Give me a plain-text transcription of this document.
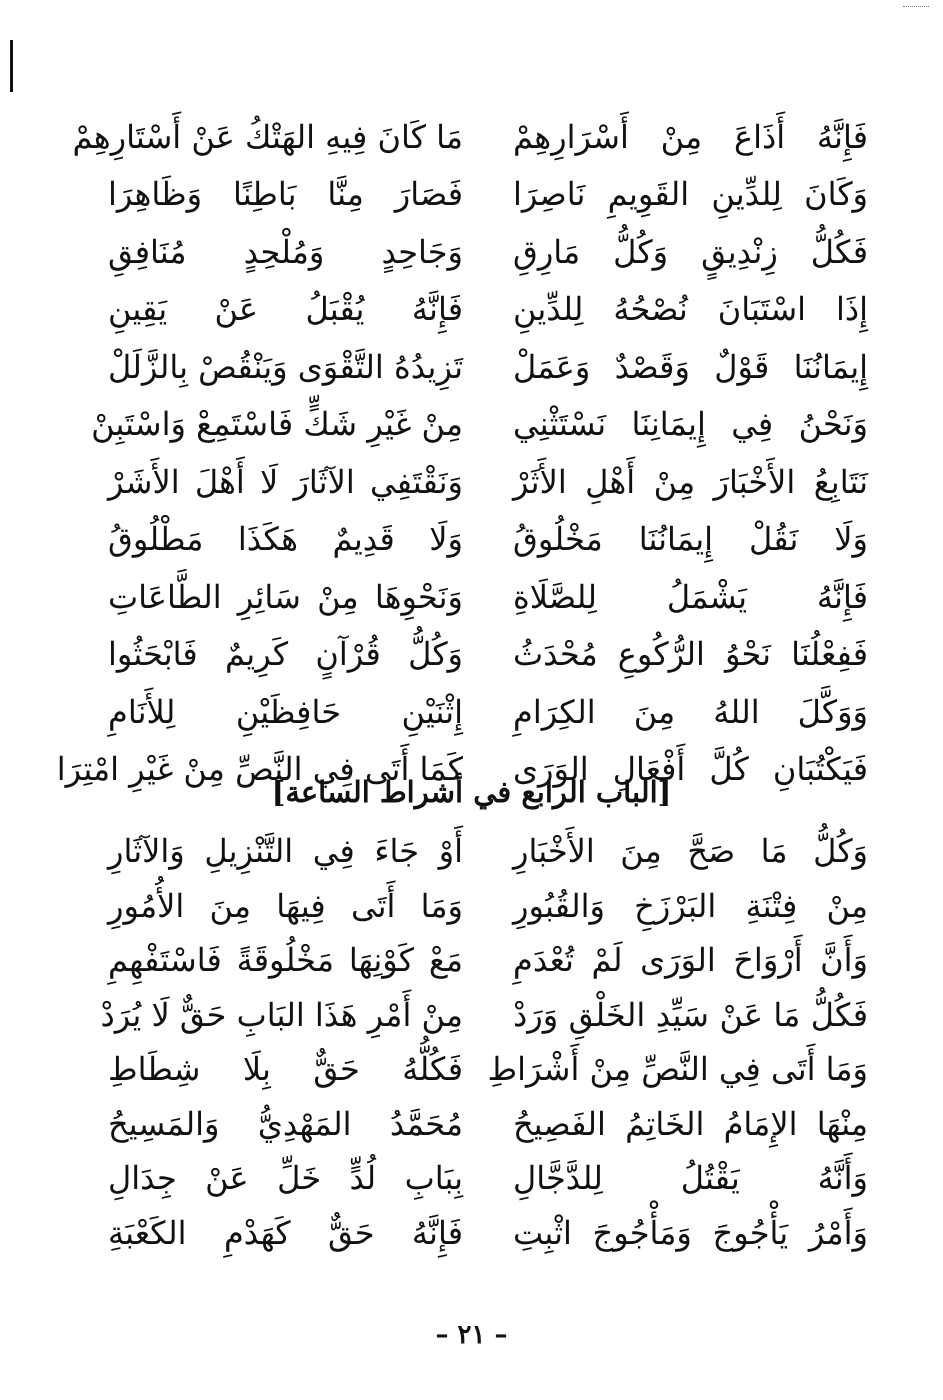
فَإِنَّهُ أَذَاعَ مِنْ أَسْرَارِهِمْ
مَا كَانَ فِيهِ الهَتْكُ عَنْ أَسْتَارِهِمْ
وَكَانَ لِلدِّينِ القَوِيمِ نَاصِرَا
فَصَارَ مِنَّا بَاطِنًا وَظَاهِرَا
فَكُلُّ زِنْدِيقٍ وَكُلُّ مَارِقِ
وَجَاحِدٍ وَمُلْحِدٍ مُنَافِقِ
إِذَا اسْتَبَانَ نُصْحُهُ لِلدِّينِ
فَإِنَّهُ يُقْبَلُ عَنْ يَقِينِ
إِيمَانُنَا قَوْلٌ وَقَصْدٌ وَعَمَلْ
تَزِيدُهُ التَّقْوَى وَيَنْقُصْ بِالزَّلَلْ
وَنَحْنُ فِي إِيمَانِنَا نَسْتَثْنِي
مِنْ غَيْرِ شَكٍّ فَاسْتَمِعْ وَاسْتَبِنْ
نَتَابِعُ الأَخْبَارَ مِنْ أَهْلِ الأَثَرْ
وَنَقْتَفِي الآثَارَ لَا أَهْلَ الأَشَرْ
وَلَا نَقُلْ إِيمَانُنَا مَخْلُوقُ
وَلَا قَدِيمٌ هَكَذَا مَطْلُوقُ
فَإِنَّهُ يَشْمَلُ لِلصَّلَاةِ
وَنَحْوِهَا مِنْ سَائِرِ الطَّاعَاتِ
فَفِعْلُنَا نَحْوُ الرُّكُوعِ مُحْدَثُ
وَكُلُّ قُرْآنٍ كَرِيمٌ فَابْحَثُوا
وَوَكَّلَ اللهُ مِنَ الكِرَامِ
إِثْنَيْنِ حَافِظَيْنِ لِلأَنَامِ
فَيَكْتُبَانِ كُلَّ أَفْعَالِ الوَرَى
كَمَا أَتَى فِي النَّصِّ مِنْ غَيْرِ امْتِرَا
[الباب الرابع في أشراط الساعة]
وَكُلُّ مَا صَحَّ مِنَ الأَخْبَارِ
أَوْ جَاءَ فِي التَّنْزِيلِ وَالآثَارِ
مِنْ فِتْنَةِ البَرْزَخِ وَالقُبُورِ
وَمَا أَتَى فِيهَا مِنَ الأُمُورِ
وَأَنَّ أَرْوَاحَ الوَرَى لَمْ تُعْدَمِ
مَعْ كَوْنِهَا مَخْلُوقَةً فَاسْتَفْهِمِ
فَكُلُّ مَا عَنْ سَيِّدِ الخَلْقِ وَرَدْ
مِنْ أَمْرِ هَذَا البَابِ حَقٌّ لَا يُرَدْ
وَمَا أَتَى فِي النَّصِّ مِنْ أَشْرَاطِ
فَكُلُّهُ حَقٌّ بِلَا شِطَاطِ
مِنْهَا الإِمَامُ الخَاتِمُ الفَصِيحُ
مُحَمَّدُ المَهْدِيُّ وَالمَسِيحُ
وَأَنَّهُ يَقْتُلُ لِلدَّجَّالِ
بِبَابِ لُدٍّ خَلِّ عَنْ جِدَالِ
وَأَمْرُ يَأْجُوجَ وَمَأْجُوجَ اثْبِتِ
فَإِنَّهُ حَقٌّ كَهَدْمِ الكَعْبَةِ
– ٢١ –
